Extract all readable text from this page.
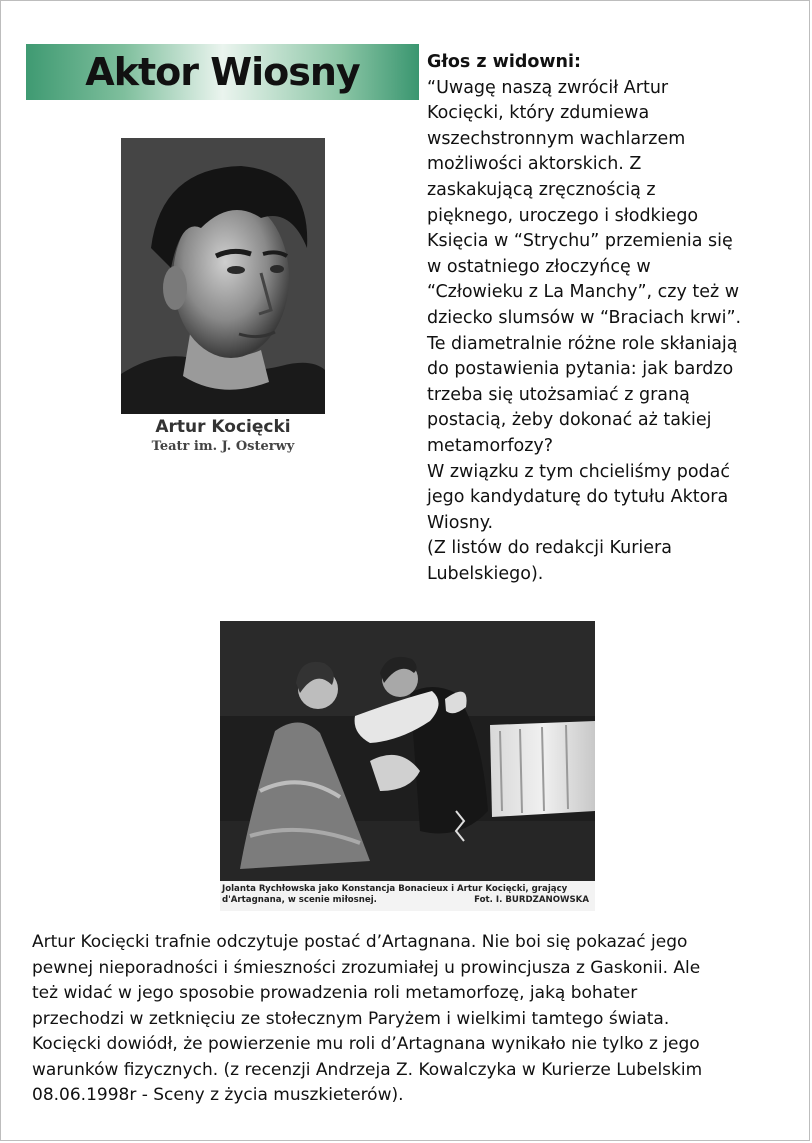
Aktor Wiosny
Artur Kocięcki
Teatr im. J. Osterwy
Głos z widowni:
“Uwagę naszą zwrócił Artur
Kocięcki, który zdumiewa
wszechstronnym wachlarzem
możliwości aktorskich. Z
zaskakującą zręcznością z
pięknego, uroczego i słodkiego
Księcia w “Strychu” przemienia się
w ostatniego złoczyńcę w
“Człowieku z La Manchy”, czy też w
dziecko slumsów w “Braciach krwi”.
Te diametralnie różne role skłaniają
do postawienia pytania: jak bardzo
trzeba się utożsamiać z graną
postacią, żeby dokonać aż takiej
metamorfozy?
W związku z tym chcieliśmy podać
jego kandydaturę do tytułu Aktora
Wiosny.
(Z listów do redakcji Kuriera
Lubelskiego).
Jolanta Rychłowska jako Konstancja Bonacieux i Artur Kocięcki, grający
d'Artagnana, w scenie miłosnej.	Fot. I. BURDZANOWSKA
Artur Kocięcki trafnie odczytuje postać d’Artagnana. Nie boi się pokazać jego
pewnej nieporadności i śmieszności zrozumiałej u prowincjusza z Gaskonii. Ale
też widać w jego sposobie prowadzenia roli metamorfozę, jaką bohater
przechodzi w zetknięciu ze stołecznym Paryżem i wielkimi tamtego świata.
Kocięcki dowiódł, że powierzenie mu roli d’Artagnana wynikało nie tylko z jego
warunków fizycznych. (z recenzji Andrzeja Z. Kowalczyka w Kurierze Lubelskim
08.06.1998r - Sceny z życia muszkieterów).
